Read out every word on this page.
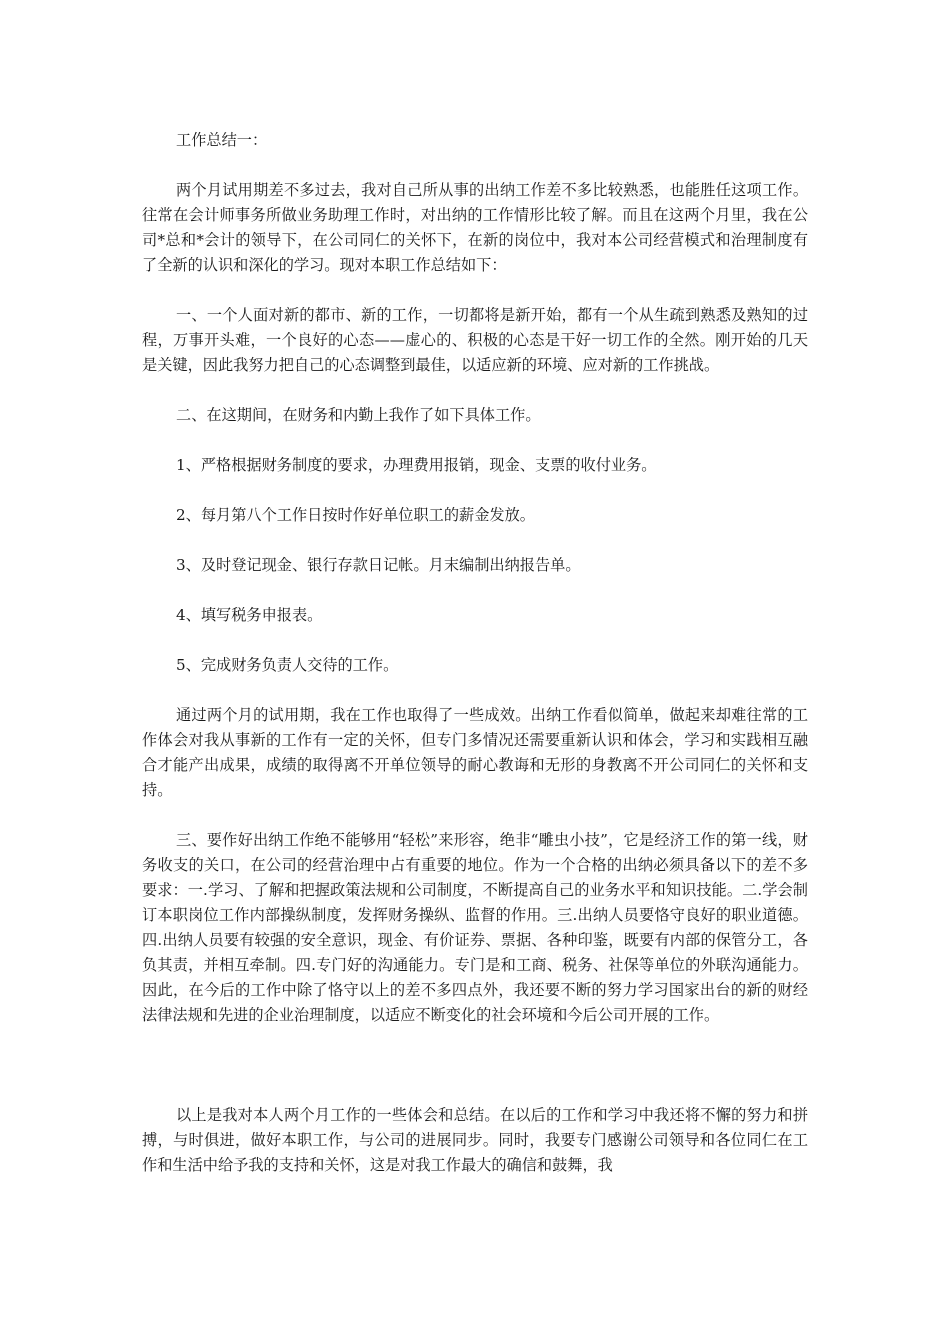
工作总结一：

两个月试用期差不多过去，我对自己所从事的出纳工作差不多比较熟悉，也能胜任这项工作。往常在会计师事务所做业务助理工作时，对出纳的工作情形比较了解。而且在这两个月里，我在公司*总和*会计的领导下，在公司同仁的关怀下，在新的岗位中，我对本公司经营模式和治理制度有了全新的认识和深化的学习。现对本职工作总结如下：

一、一个人面对新的都市、新的工作，一切都将是新开始，都有一个从生疏到熟悉及熟知的过程，万事开头难，一个良好的心态——虚心的、积极的心态是干好一切工作的全然。刚开始的几天是关键，因此我努力把自己的心态调整到最佳，以适应新的环境、应对新的工作挑战。

二、在这期间，在财务和内勤上我作了如下具体工作。

1、严格根据财务制度的要求，办理费用报销，现金、支票的收付业务。

2、每月第八个工作日按时作好单位职工的薪金发放。

3、及时登记现金、银行存款日记帐。月末编制出纳报告单。

4、填写税务申报表。

5、完成财务负责人交待的工作。

通过两个月的试用期，我在工作也取得了一些成效。出纳工作看似简单，做起来却难往常的工作体会对我从事新的工作有一定的关怀，但专门多情况还需要重新认识和体会，学习和实践相互融合才能产出成果，成绩的取得离不开单位领导的耐心教诲和无形的身教离不开公司同仁的关怀和支持。

三、要作好出纳工作绝不能够用“轻松”来形容，绝非“雕虫小技”，它是经济工作的第一线，财务收支的关口，在公司的经营治理中占有重要的地位。作为一个合格的出纳必须具备以下的差不多要求：一.学习、了解和把握政策法规和公司制度，不断提高自己的业务水平和知识技能。二.学会制订本职岗位工作内部操纵制度，发挥财务操纵、监督的作用。三.出纳人员要恪守良好的职业道德。四.出纳人员要有较强的安全意识，现金、有价证券、票据、各种印鉴，既要有内部的保管分工，各负其责，并相互牵制。四.专门好的沟通能力。专门是和工商、税务、社保等单位的外联沟通能力。因此，在今后的工作中除了恪守以上的差不多四点外，我还要不断的努力学习国家出台的新的财经法律法规和先进的企业治理制度，以适应不断变化的社会环境和今后公司开展的工作。

以上是我对本人两个月工作的一些体会和总结。在以后的工作和学习中我还将不懈的努力和拼搏，与时俱进，做好本职工作，与公司的进展同步。同时，我要专门感谢公司领导和各位同仁在工作和生活中给予我的支持和关怀，这是对我工作最大的确信和鼓舞，我
